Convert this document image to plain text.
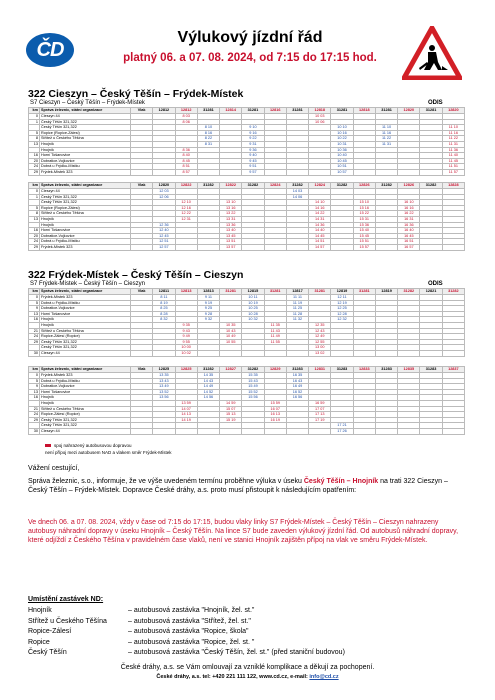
ČD
Výlukový jízdní řád
platný 06. a 07. 08. 2024, od 7:15 do 17:15 hod.
322 Cieszyn – Český Těšín – Frýdek-Místek
S7 Cieszyn – Český Těšín – Frýdek-Místek	ODIS
km	Správa železnic, státní organizace	Vlak	12812	12812	31281	12814	31281	12816	31281	12818	31281	12818	31281	12820	31281	12820
0	Cieszyn 44			8 03						10 03						
1	Český Těšín 321,322			8 06						10 06						
	Český Těšín 321,322				8 10		9 10				10 10		11 10			11 10
5	Ropice (Ropice-Zálesí)				8 16		9 16				10 16		11 16			11 16
8	Střítež u Českého Těšína				8 22		9 22				10 22		11 22			11 22
13	Hnojník				8 31		9 31				10 31		11 31			11 31
	Hnojník			8 36			9 36				10 36					11 36
16	Horní Tošanovice			8 40			9 40				10 40					11 40
20	Dobratice-Vojkovice			8 45			9 45				10 45					11 45
24	Dobrá u Frýdku-Místku			8 51			9 51				10 51					11 51
29	Frýdek-Místek 323			8 57			9 57				10 57					11 57
km	Správa železnic, státní organizace	Vlak	12820	12822	31282	12822	31282	12824	31282	12824	31282	12826	31282	12826	31282	12828
0	Cieszyn 44		12 03						14 03							
1	Český Těšín 321,322		12 06						14 06							
	Český Těšín 321,322			12 10		13 10				14 10		15 10		16 10		
5	Ropice (Ropice-Zálesí)			12 16		13 16				14 16		15 16		16 16		
8	Střítež u Českého Těšína			12 22		13 22				14 22		15 22		16 22		
13	Hnojník			12 31		13 31				14 31		15 31		16 31		
	Hnojník		12 36			13 36				14 36		15 36		16 36		
16	Horní Tošanovice		12 40			13 40				14 40		15 40		16 40		
20	Dobratice-Vojkovice		12 45			13 45				14 45		15 45		16 45		
24	Dobrá u Frýdku-Místku		12 51			13 51				14 51		15 51		16 51		
29	Frýdek-Místek 323		12 57			13 57				14 57		15 57		16 57		
322 Frýdek-Místek – Český Těšín – Cieszyn
S7 Frýdek-Místek – Český Těšín – Cieszyn	ODIS
km	Správa železnic, státní organizace	Vlak	12811	12813	12813	31281	12815	31281	12817	31281	12819	31281	12819	31282	12821	31282
0	Frýdek-Místek 323		8 11		9 11		10 11		11 11		12 11					
5	Dobrá u Frýdku-Místku		8 19		9 19		10 19		11 19		12 19					
9	Dobratice-Vojkovice		8 25		9 25		10 25		11 25		12 25					
13	Horní Tošanovice		8 28		9 28		10 28		11 28		12 28					
16	Hnojník		8 32		9 32		10 32		11 32		12 32					
	Hnojník			9 35		10 35		11 35		12 35						
21	Střítež u Českého Těšína			9 43		10 43		11 43		12 43						
24	Ropice-Zálesí (Ropice)			9 49		10 49		11 49		12 49						
29	Český Těšín 321,322			9 55		10 55		11 55		12 55						
	Český Těšín 321,322			10 00						13 00						
30	Cieszyn 44			10 02						13 02						
km	Správa železnic, státní organizace	Vlak	12825	12825	31282	12827	31282	12829	31283	12831	31283	12833	31283	12835	31283	12837
0	Frýdek-Místek 323		13 35		14 35		15 35		16 35							
5	Dobrá u Frýdku-Místku		13 43		14 43		15 43		16 43							
9	Dobratice-Vojkovice		13 49		14 49		15 49		16 49							
13	Horní Tošanovice		13 52		14 52		15 52		16 52							
16	Hnojník		13 56		14 56		15 56		16 56							
	Hnojník			13 59		14 59		15 59		16 59						
21	Střítež u Českého Těšína			14 07		15 07		16 07		17 07						
24	Ropice-Zálesí (Ropice)			14 13		15 13		16 13		17 13						
29	Český Těšín 321,322			14 19		15 19		16 19		17 19						
	Český Těšín 321,322										17 21					
30	Cieszyn 44										17 26					
spoj nahrazený autobusovou dopravou
není přípoj mezi autobusem NAD a vlakem směr Frýdek-Místek
Vážení cestující,
Správa železnic, s.o., informuje, že ve výše uvedeném termínu proběhne výluka v úseku Český Těšín – Hnojník na trati 322 Cieszyn – Český Těšín – Frýdek-Místek. Dopravce České dráhy, a.s. proto musí přistoupit k následujícím opatřením:
Ve dnech 06. a 07. 08. 2024, vždy v čase od 7:15 do 17:15, budou vlaky linky S7 Frýdek-Místek – Český Těšín – Cieszyn nahrazeny autobusy náhradní dopravy v úseku Hnojník – Český Těšín. Na lince S7 bude zaveden výlukový jízdní řád. Od autobusů náhradní dopravy, které odjíždí z Českého Těšína v pravidelném čase vlaků, není ve stanici Hnojník zajištěn přípoj na vlak ve směru Frýdek-Místek.
Umístění zastávek ND:
Hnojník	– autobusová zastávka "Hnojník, žel. st."
Střítež u Českého Těšína	– autobusová zastávka "Střítež, žel. st."
Ropice-Zálesí	– autobusová zastávka "Ropice, škola"
Ropice	– autobusová zastávka "Ropice, žel. st. "
Český Těšín	– autobusová zastávka "Český Těšín, žel. st." (před staniční budovou)
České dráhy, a.s. se Vám omlouvají za vzniklé komplikace a děkují za pochopení.
České dráhy, a.s. tel: +420 221 111 122, www.cd.cz, e-mail: info@cd.cz
